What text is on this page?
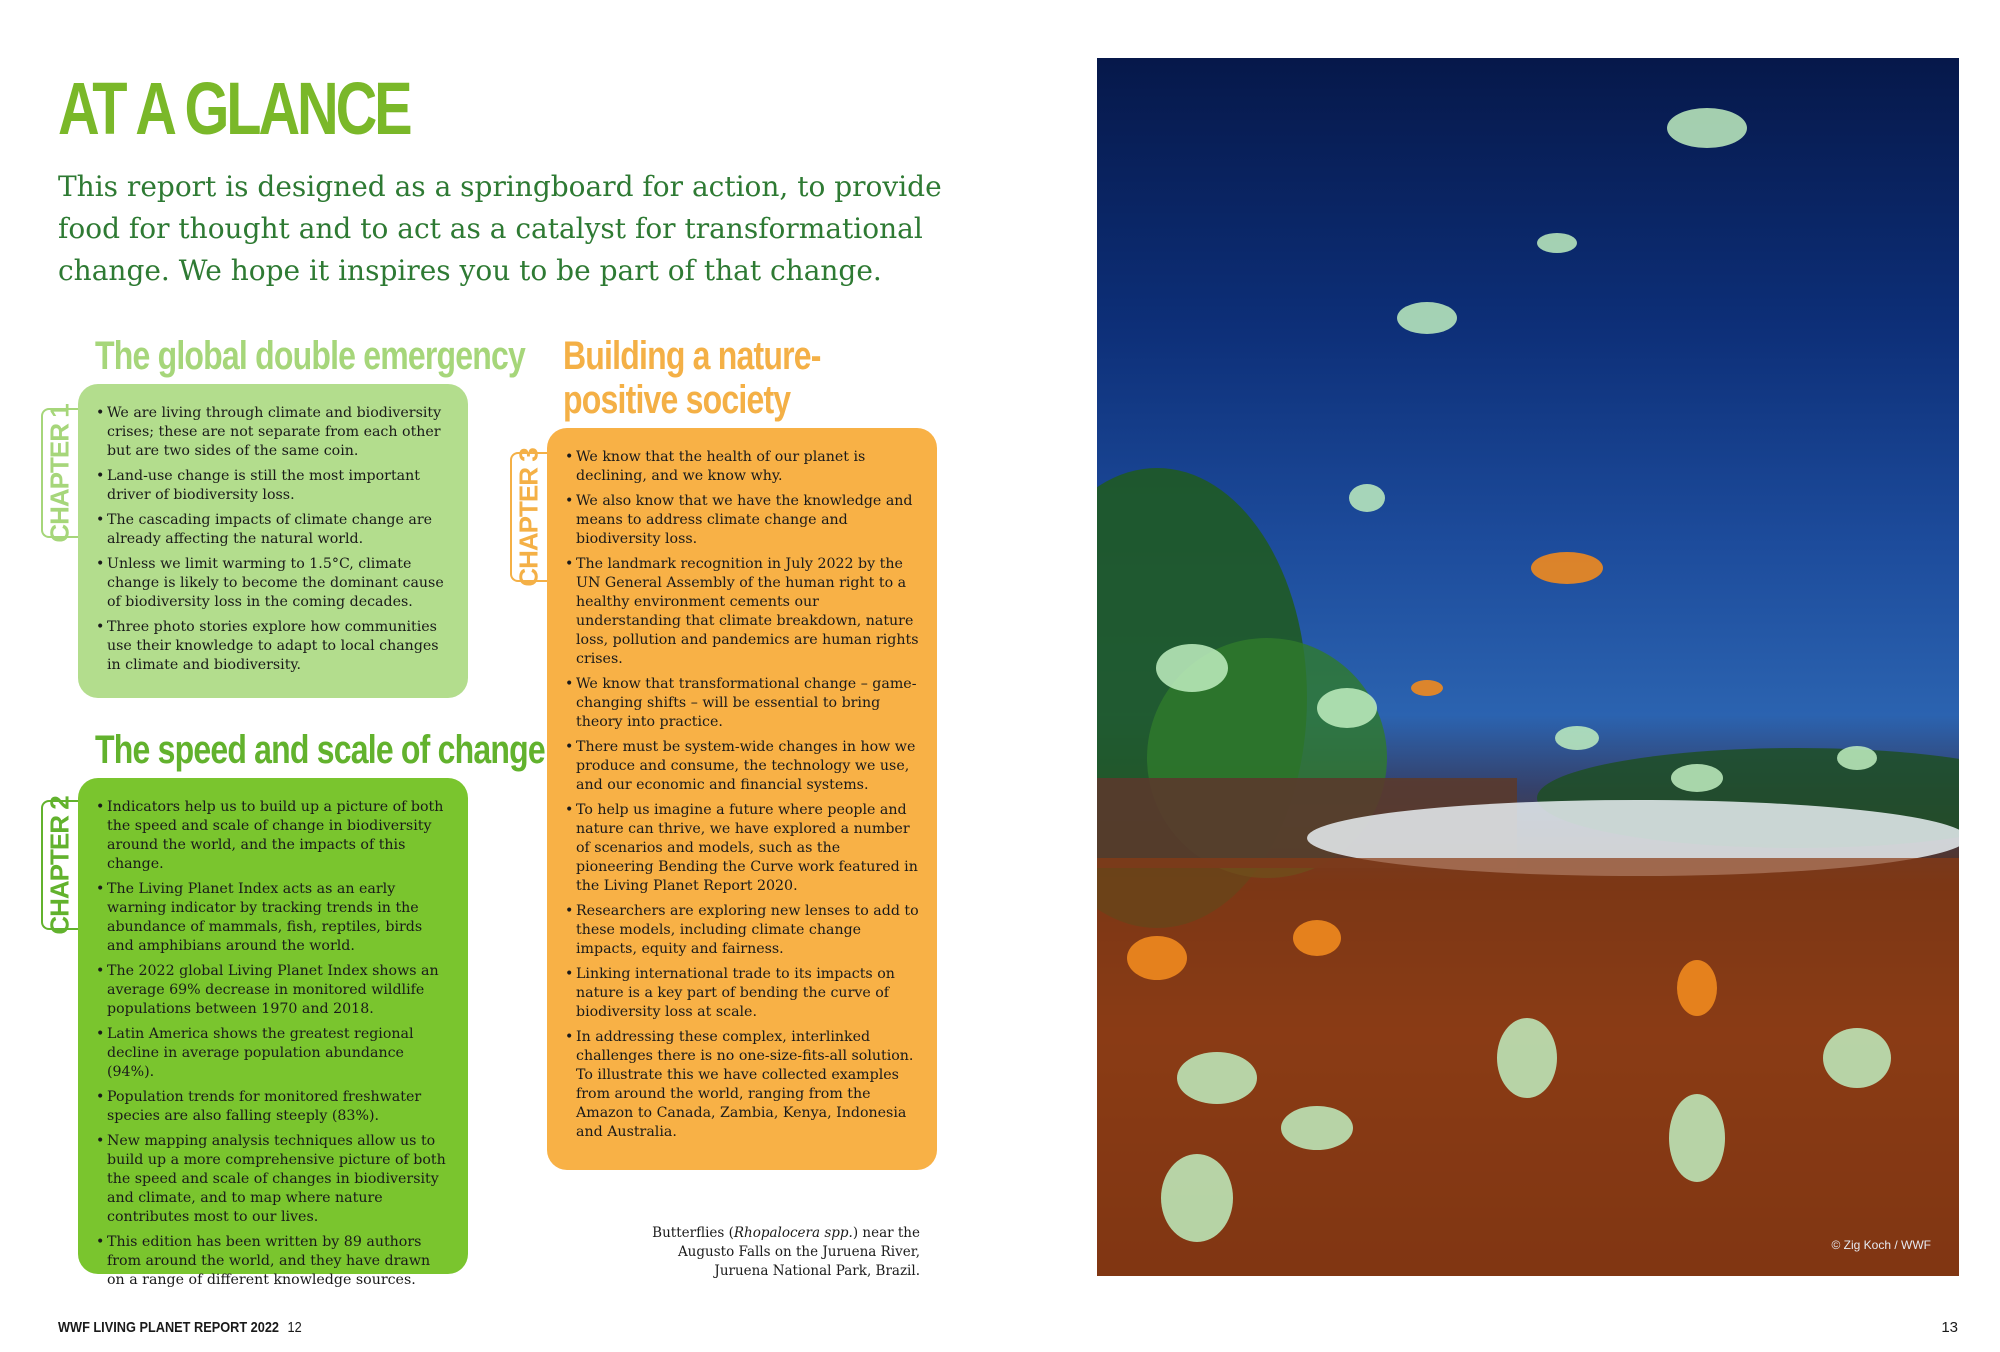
AT A GLANCE

This report is designed as a springboard for action, to provide food for thought and to act as a catalyst for transformational change. We hope it inspires you to be part of that change.

The global double emergency
CHAPTER 1	• We are living through climate and biodiversity crises; these are not separate from each other but are two sides of the same coin.
• Land-use change is still the most important driver of biodiversity loss.
• The cascading impacts of climate change are already affecting the natural world.
• Unless we limit warming to 1.5°C, climate change is likely to become the dominant cause of biodiversity loss in the coming decades.
• Three photo stories explore how communities use their knowledge to adapt to local changes in climate and biodiversity.
The speed and scale of change
CHAPTER 2	• Indicators help us to build up a picture of both the speed and scale of change in biodiversity around the world, and the impacts of this change.
• The Living Planet Index acts as an early warning indicator by tracking trends in the abundance of mammals, fish, reptiles, birds and amphibians around the world.
• The 2022 global Living Planet Index shows an average 69% decrease in monitored wildlife populations between 1970 and 2018.
• Latin America shows the greatest regional decline in average population abundance (94%).
• Population trends for monitored freshwater species are also falling steeply (83%).
• New mapping analysis techniques allow us to build up a more comprehensive picture of both the speed and scale of changes in biodiversity and climate, and to map where nature contributes most to our lives.
• This edition has been written by 89 authors from around the world, and they have drawn on a range of different knowledge sources.
Building a nature-positive society
CHAPTER 3	• We know that the health of our planet is declining, and we know why.
• We also know that we have the knowledge and means to address climate change and biodiversity loss.
• The landmark recognition in July 2022 by the UN General Assembly of the human right to a healthy environment cements our understanding that climate breakdown, nature loss, pollution and pandemics are human rights crises.
• We know that transformational change – game-changing shifts – will be essential to bring theory into practice.
• There must be system-wide changes in how we produce and consume, the technology we use, and our economic and financial systems.
• To help us imagine a future where people and nature can thrive, we have explored a number of scenarios and models, such as the pioneering Bending the Curve work featured in the Living Planet Report 2020.
• Researchers are exploring new lenses to add to these models, including climate change impacts, equity and fairness.
• Linking international trade to its impacts on nature is a key part of bending the curve of biodiversity loss at scale.
• In addressing these complex, interlinked challenges there is no one-size-fits-all solution. To illustrate this we have collected examples from around the world, ranging from the Amazon to Canada, Zambia, Kenya, Indonesia and Australia.

Butterflies (Rhopalocera spp.) near the Augusto Falls on the Juruena River, Juruena National Park, Brazil.

© Zig Koch / WWF
WWF LIVING PLANET REPORT 2022 12	13
